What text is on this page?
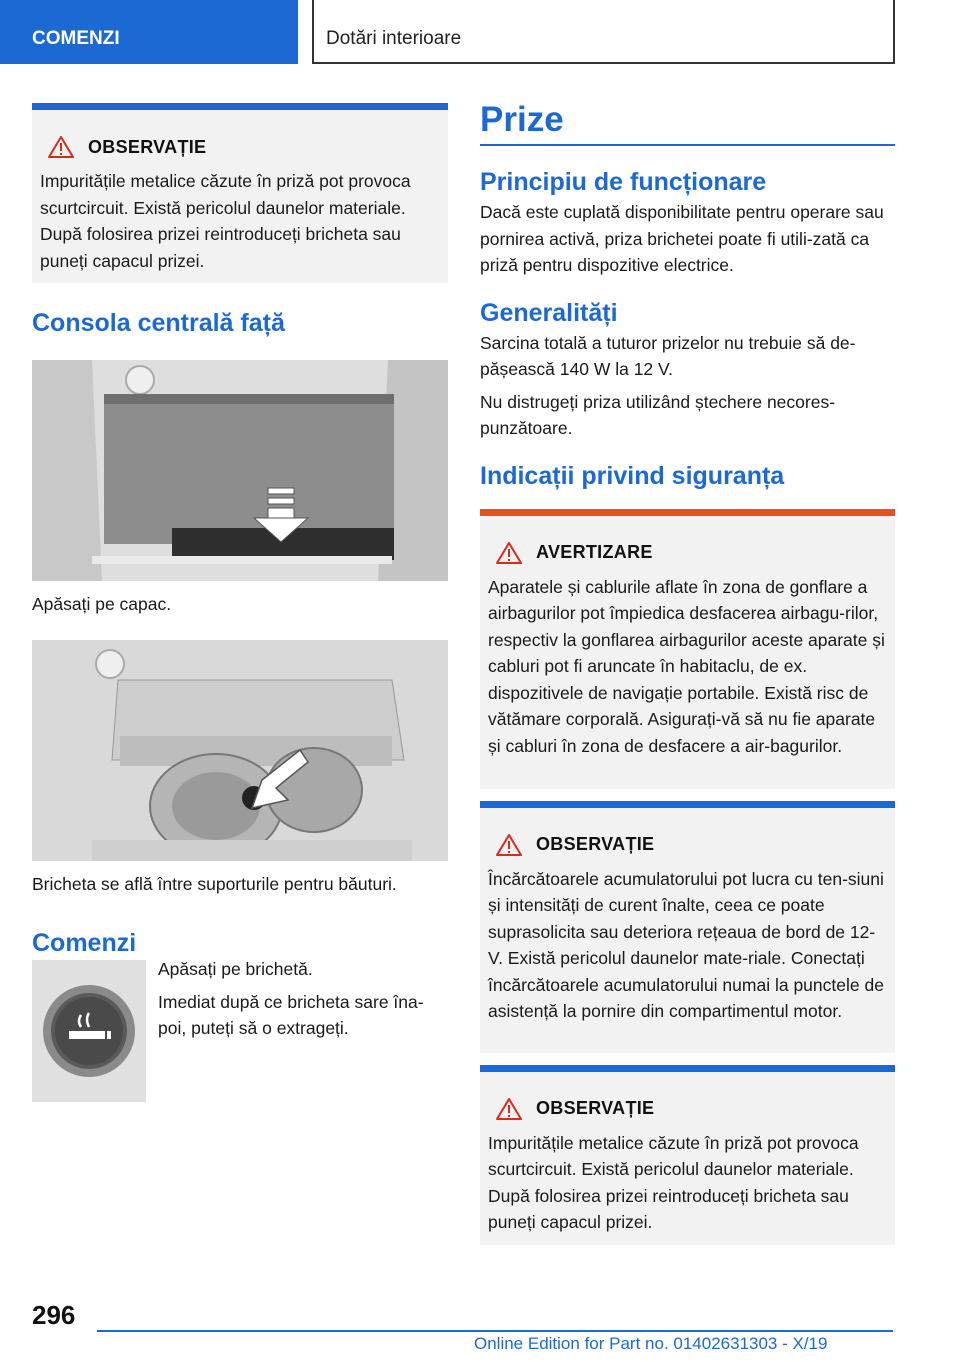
COMENZI	Dotări interioare
OBSERVAȚIE
Impuritățile metalice căzute în priză pot provoca scurtcircuit. Există pericolul daunelor materiale. După folosirea prizei reintroduceți bricheta sau puneți capacul prizei.
Consola centrală față

Apăsați pe capac.

Bricheta se află între suporturile pentru băuturi.

Comenzi

Apăsați pe brichetă.

Imediat după ce bricheta sare îna-poi, puteți să o extrageți.

Prize
Principiu de funcționare

Dacă este cuplată disponibilitate pentru operare sau pornirea activă, priza brichetei poate fi utili-zată ca priză pentru dispozitive electrice.

Generalități

Sarcina totală a tuturor prizelor nu trebuie să de-pășească 140 W la 12 V.

Nu distrugeți priza utilizând ștechere necores-punzătoare.

Indicații privind siguranța
AVERTIZARE
Aparatele și cablurile aflate în zona de gonflare a airbagurilor pot împiedica desfacerea airbagu-rilor, respectiv la gonflarea airbagurilor aceste aparate și cabluri pot fi aruncate în habitaclu, de ex. dispozitivele de navigație portabile. Există risc de vătămare corporală. Asigurați-vă să nu fie aparate și cabluri în zona de desfacere a air-bagurilor.
OBSERVAȚIE
Încărcătoarele acumulatorului pot lucra cu ten-siuni și intensități de curent înalte, ceea ce poate suprasolicita sau deteriora rețeaua de bord de 12-V. Există pericolul daunelor mate-riale. Conectați încărcătoarele acumulatorului numai la punctele de asistență la pornire din compartimentul motor.
OBSERVAȚIE
Impuritățile metalice căzute în priză pot provoca scurtcircuit. Există pericolul daunelor materiale. După folosirea prizei reintroduceți bricheta sau puneți capacul prizei.
296
Online Edition for Part no. 01402631303 - X/19
